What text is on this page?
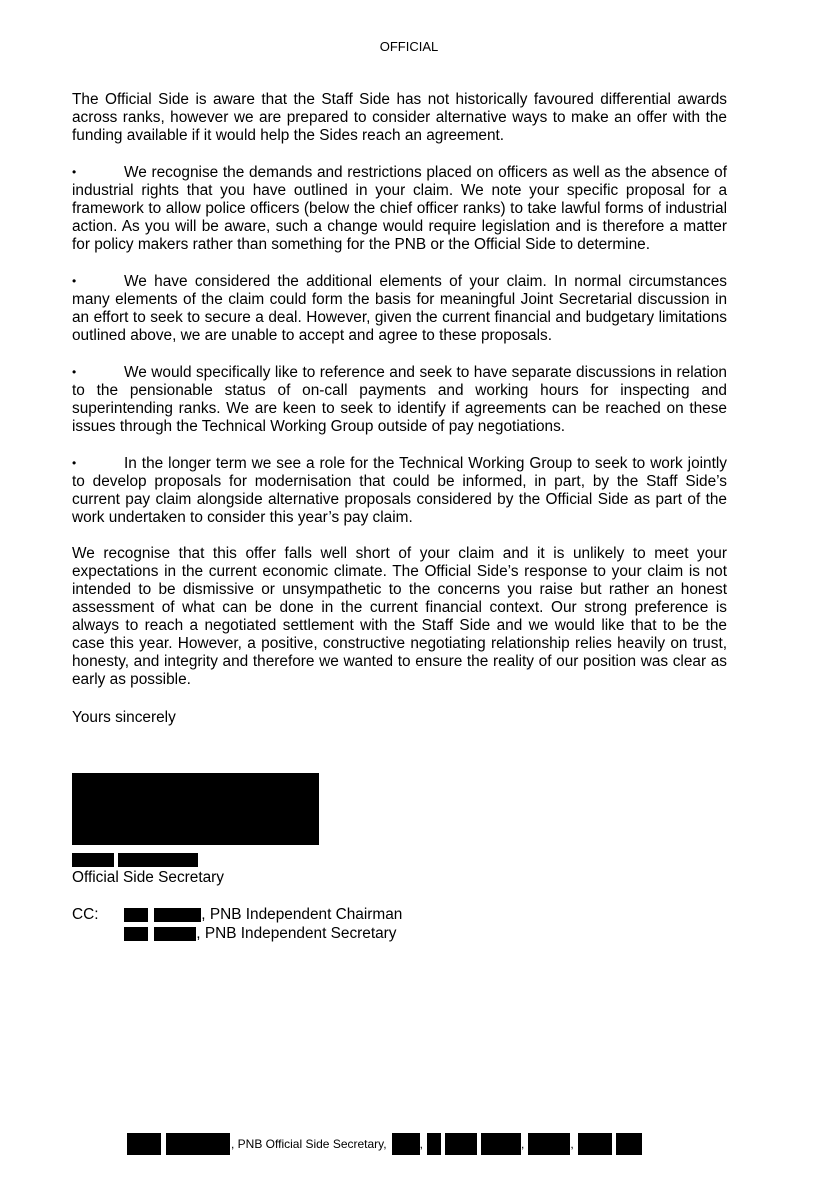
OFFICIAL

The Official Side is aware that the Staff Side has not historically favoured differential awards across ranks, however we are prepared to consider alternative ways to make an offer with the funding available if it would help the Sides reach an agreement.

•	We recognise the demands and restrictions placed on officers as well as the absence of industrial rights that you have outlined in your claim. We note your specific proposal for a framework to allow police officers (below the chief officer ranks) to take lawful forms of industrial action. As you will be aware, such a change would require legislation and is therefore a matter for policy makers rather than something for the PNB or the Official Side to determine.

•	We have considered the additional elements of your claim. In normal circumstances many elements of the claim could form the basis for meaningful Joint Secretarial discussion in an effort to seek to secure a deal. However, given the current financial and budgetary limitations outlined above, we are unable to accept and agree to these proposals.

•	We would specifically like to reference and seek to have separate discussions in relation to the pensionable status of on-call payments and working hours for inspecting and superintending ranks. We are keen to seek to identify if agreements can be reached on these issues through the Technical Working Group outside of pay negotiations.

•	In the longer term we see a role for the Technical Working Group to seek to work jointly to develop proposals for modernisation that could be informed, in part, by the Staff Side’s current pay claim alongside alternative proposals considered by the Official Side as part of the work undertaken to consider this year’s pay claim.

We recognise that this offer falls well short of your claim and it is unlikely to meet your expectations in the current economic climate. The Official Side’s response to your claim is not intended to be dismissive or unsympathetic to the concerns you raise but rather an honest assessment of what can be done in the current financial context. Our strong preference is always to reach a negotiated settlement with the Staff Side and we would like that to be the case this year. However, a positive, constructive negotiating relationship relies heavily on trust, honesty, and integrity and therefore we wanted to ensure the reality of our position was clear as early as possible.

Yours sincerely

Official Side Secretary
CC:	, PNB Independent Chairman
, PNB Independent Secretary
, PNB Official Side Secretary,	,	,	,
